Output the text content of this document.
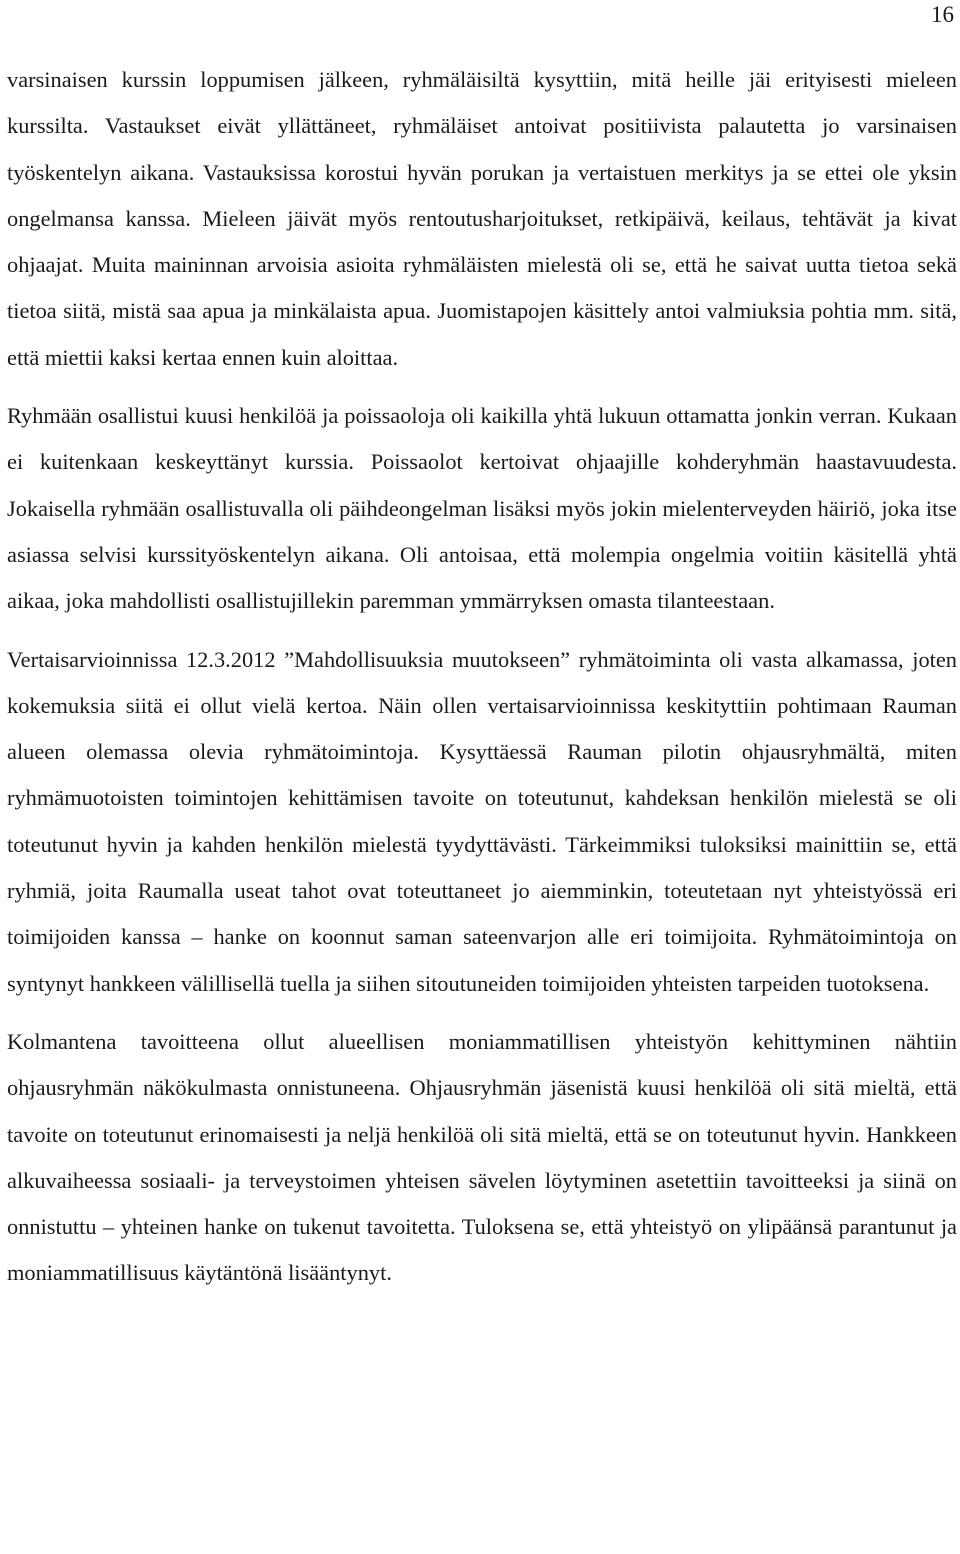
16

varsinaisen kurssin loppumisen jälkeen, ryhmäläisiltä kysyttiin, mitä heille jäi erityisesti mieleen kurssilta. Vastaukset eivät yllättäneet, ryhmäläiset antoivat positiivista palautetta jo varsinaisen työskentelyn aikana. Vastauksissa korostui hyvän porukan ja vertaistuen merkitys ja se ettei ole yksin ongelmansa kanssa. Mieleen jäivät myös rentoutusharjoitukset, retkipäivä, keilaus, tehtävät ja kivat ohjaajat. Muita maininnan arvoisia asioita ryhmäläisten mielestä oli se, että he saivat uutta tietoa sekä tietoa siitä, mistä saa apua ja minkälaista apua. Juomistapojen käsittely antoi valmiuksia pohtia mm. sitä, että miettii kaksi kertaa ennen kuin aloittaa.

Ryhmään osallistui kuusi henkilöä ja poissaoloja oli kaikilla yhtä lukuun ottamatta jonkin verran. Kukaan ei kuitenkaan keskeyttänyt kurssia. Poissaolot kertoivat ohjaajille kohderyhmän haastavuudesta. Jokaisella ryhmään osallistuvalla oli päihdeongelman lisäksi myös jokin mielenterveyden häiriö, joka itse asiassa selvisi kurssityöskentelyn aikana. Oli antoisaa, että molempia ongelmia voitiin käsitellä yhtä aikaa, joka mahdollisti osallistujillekin paremman ymmärryksen omasta tilanteestaan.

Vertaisarvioinnissa 12.3.2012 ”Mahdollisuuksia muutokseen” ryhmätoiminta oli vasta alkamassa, joten kokemuksia siitä ei ollut vielä kertoa. Näin ollen vertaisarvioinnissa keskityttiin pohtimaan Rauman alueen olemassa olevia ryhmätoimintoja. Kysyttäessä Rauman pilotin ohjausryhmältä, miten ryhmämuotoisten toimintojen kehittämisen tavoite on toteutunut, kahdeksan henkilön mielestä se oli toteutunut hyvin ja kahden henkilön mielestä tyydyttävästi. Tärkeimmiksi tuloksiksi mainittiin se, että ryhmiä, joita Raumalla useat tahot ovat toteuttaneet jo aiemminkin, toteutetaan nyt yhteistyössä eri toimijoiden kanssa – hanke on koonnut saman sateenvarjon alle eri toimijoita. Ryhmätoimintoja on syntynyt hankkeen välillisellä tuella ja siihen sitoutuneiden toimijoiden yhteisten tarpeiden tuotoksena.

Kolmantena tavoitteena ollut alueellisen moniammatillisen yhteistyön kehittyminen nähtiin ohjausryhmän näkökulmasta onnistuneena. Ohjausryhmän jäsenistä kuusi henkilöä oli sitä mieltä, että tavoite on toteutunut erinomaisesti ja neljä henkilöä oli sitä mieltä, että se on toteutunut hyvin. Hankkeen alkuvaiheessa sosiaali- ja terveystoimen yhteisen sävelen löytyminen asetettiin tavoitteeksi ja siinä on onnistuttu – yhteinen hanke on tukenut tavoitetta. Tuloksena se, että yhteistyö on ylipäänsä parantunut ja moniammatillisuus käytäntönä lisääntynyt.
